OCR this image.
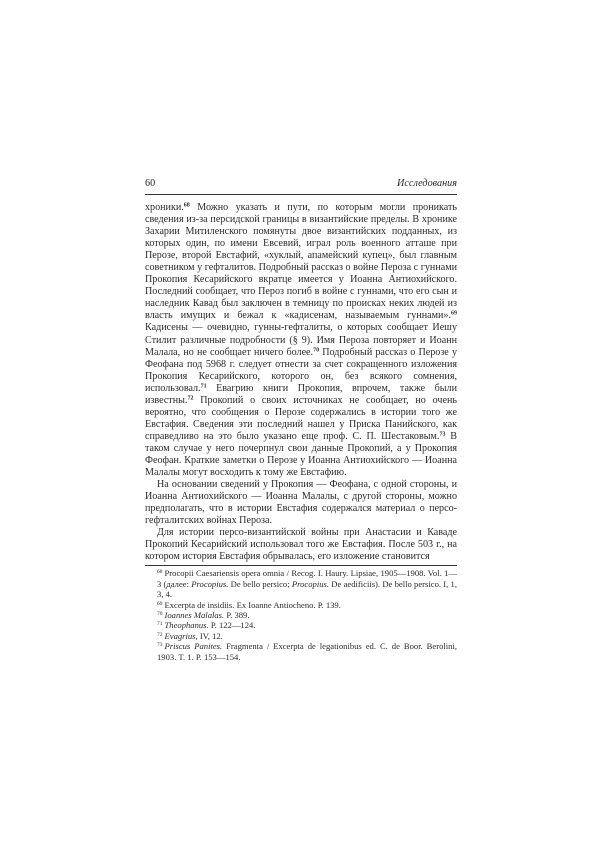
60	Исследования

хроники.$^{68}$ Можно указать и пути, по которым могли проникать сведения из-за персидской границы в византийские пределы. В хронике Захарии Митиленского помянуты двое византийских подданных, из которых один, по имени Евсевий, играл роль военного атташе при Перозе, второй Евстафий, «хуклый, апамейский купец», был главным советником у гефталитов. Подробный рассказ о войне Пероза с гуннами Прокопия Кесарийского вкратце имеется у Иоанна Антиохийского. Последний сообщает, что Пероз погиб в войне с гуннами, что его сын и наследник Кавад был заключен в темницу по происках неких людей из власть имущих и бежал к «кадисенам, называемым гуннами».$^{69}$ Кадисены — очевидно, гунны-гефталиты, о которых сообщает Иешу Стилит различные подробности (§ 9). Имя Пероза повторяет и Иоанн Малала, но не сообщает ничего более.$^{70}$ Подробный рассказ о Перозе у Феофана под 5968 г. следует отнести за счет сокращенного изложения Прокопия Кесарийского, которого он, без всякого сомнения, использовал.$^{71}$ Евагрию книги Прокопия, впрочем, также были известны.$^{72}$ Прокопий о своих источниках не сообщает, но очень вероятно, что сообщения о Перозе содержались в истории того же Евстафия. Сведения эти последний нашел у Приска Панийского, как справедливо на это было указано еще проф. С. П. Шестаковым.$^{73}$ В таком случае у него почерпнул свои данные Прокопий, а у Прокопия Феофан. Краткие заметки о Перозе у Иоанна Антиохийского — Иоанна Малалы могут восходить к тому же Евстафию.

На основании сведений у Прокопия — Феофана, с одной стороны, и Иоанна Антиохийского — Иоанна Малалы, с другой стороны, можно предполагать, что в истории Евстафия содержался материал о персо-гефталитских войнах Пероза.

Для истории персо-византийской войны при Анастасии и Каваде Прокопий Кесарийский использовал того же Евстафия. После 503 г., на котором история Евстафия обрывалась, его изложение становится

$^{68}$ Procopii Caesariensis opera omnia / Recog. I. Haury. Lipsiae, 1905—1908. Vol. 1—3 (далее: Procopius. De bello persico; Procopius. De aedificiis). De bello persico. I, 1, 3, 4.
$^{69}$ Excerpta de insidiis. Ex Ioanne Antiocheno. P. 139.
$^{70}$ Ioannes Malalas. P. 389.
$^{71}$ Theophanus. P. 122—124.
$^{72}$ Evagrius, IV, 12.
$^{73}$ Priscus Panites. Fragmenta / Excerpta de legationibus ed. C. de Boor. Berolini, 1903. T. 1. P. 153—154.
